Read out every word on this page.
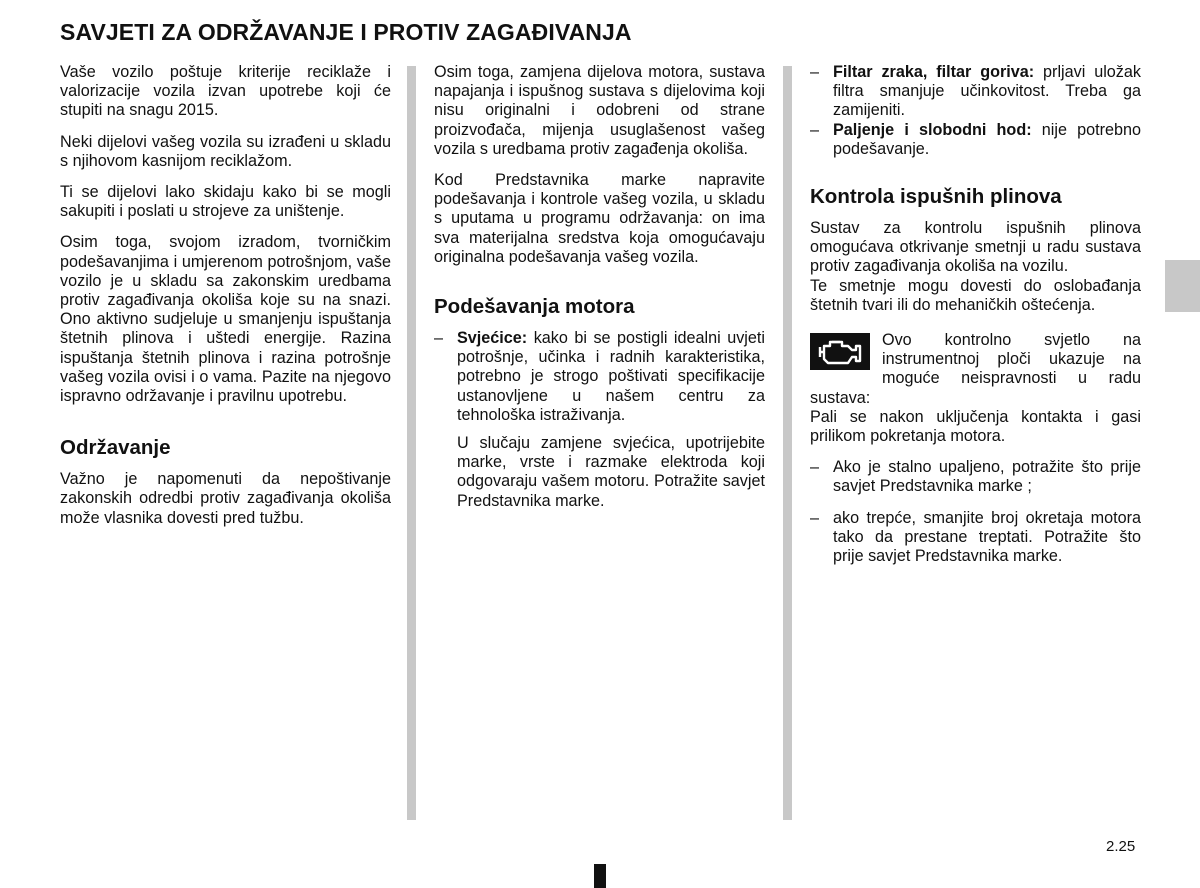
SAVJETI ZA ODRŽAVANJE I PROTIV ZAGAĐIVANJA

Vaše vozilo poštuje kriterije reciklaže i valorizacije vozila izvan upotrebe koji će stupiti na snagu 2015.

Neki dijelovi vašeg vozila su izrađeni u skladu s njihovom kasnijom reciklažom.

Ti se dijelovi lako skidaju kako bi se mogli sakupiti i poslati u strojeve za uništenje.

Osim toga, svojom izradom, tvorničkim podešavanjima i umjerenom potrošnjom, vaše vozilo je u skladu sa zakonskim uredbama protiv zagađivanja okoliša koje su na snazi. Ono aktivno sudjeluje u smanjenju ispuštanja štetnih plinova i uštedi energije. Razina ispuštanja štetnih plinova i razina potrošnje vašeg vozila ovisi i o vama. Pazite na njegovo ispravno održavanje i pravilnu upotrebu.

Održavanje

Važno je napomenuti da nepoštivanje zakonskih odredbi protiv zagađivanja okoliša može vlasnika dovesti pred tužbu.

Osim toga, zamjena dijelova motora, sustava napajanja i ispušnog sustava s dijelovima koji nisu originalni i odobreni od strane proizvođača, mijenja usuglašenost vašeg vozila s uredbama protiv zagađenja okoliša.

Kod Predstavnika marke napravite podešavanja i kontrole vašeg vozila, u skladu s uputama u programu održavanja: on ima sva materijalna sredstva koja omogućavaju originalna podešavanja vašeg vozila.

Podešavanja motora
– Svjećice: kako bi se postigli idealni uvjeti potrošnje, učinka i radnih karakteristika, potrebno je strogo poštivati specifikacije ustanovljene u našem centru za tehnološka istraživanja.
U slučaju zamjene svjećica, upotrijebite marke, vrste i razmake elektroda koji odgovaraju vašem motoru. Potražite savjet Predstavnika marke.
– Filtar zraka, filtar goriva: prljavi uložak filtra smanjuje učinkovitost. Treba ga zamijeniti.
– Paljenje i slobodni hod: nije potrebno podešavanje.
Kontrola ispušnih plinova

Sustav za kontrolu ispušnih plinova omogućava otkrivanje smetnji u radu sustava protiv zagađivanja okoliša na vozilu.

Te smetnje mogu dovesti do oslobađanja štetnih tvari ili do mehaničkih oštećenja.

Ovo kontrolno svjetlo na instrumentnoj ploči ukazuje na moguće neispravnosti u radu sustava:

Pali se nakon uključenja kontakta i gasi prilikom pokretanja motora.

– Ako je stalno upaljeno, potražite što prije savjet Predstavnika marke ;
– ako trepće, smanjite broj okretaja motora tako da prestane treptati. Potražite što prije savjet Predstavnika marke.
2.25
